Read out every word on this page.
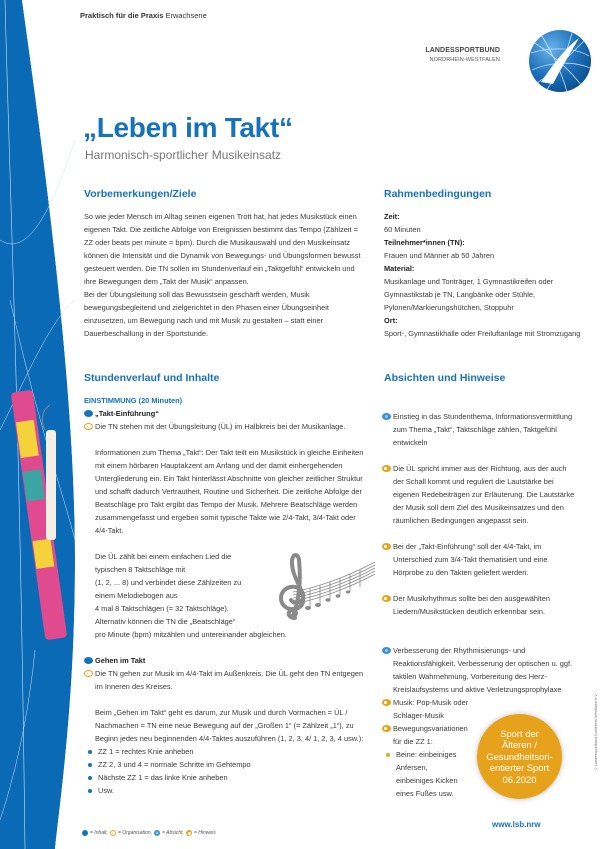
Praktisch für die Praxis Erwachsene
LANDESSPORTBUND
NORDRHEIN-WESTFALEN
„Leben im Takt“
Harmonisch-sportlicher Musikeinsatz
Vorbemerkungen/Ziele

So wie jeder Mensch im Alltag seinen eigenen Trott hat, hat jedes Musikstück einen eigenen Takt. Die zeitliche Abfolge von Ereignissen bestimmt das Tempo (Zählzeit = ZZ oder beats per minute = bpm). Durch die Musikauswahl und den Musikeinsatz können die Intensität und die Dynamik von Bewegungs- und Übungsformen bewusst gesteuert werden. Die TN sollen im Stundenverlauf ein „Taktgefühl“ entwickeln und ihre Bewegungen dem „Takt der Musik“ anpassen.

Bei der Übungsleitung soll das Bewusstsein geschärft werden, Musik bewegungsbegleitend und zielgerichtet in den Phasen einer Übungseinheit einzusetzen, um Bewegung nach und mit Musik zu gestalten – statt einer Dauerbeschallung in der Sportstunde.

Rahmenbedingungen
Zeit:
60 Minuten
Teilnehmer*innen (TN):
Frauen und Männer ab 50 Jahren
Material:
Musikanlage und Tonträger, 1 Gymnastikreifen oder Gymnastikstab je TN, Langbänke oder Stühle, Pylonen/Markierungshütchen, Stoppuhr
Ort:
Sport-, Gymnastikhalle oder Freiluftanlage mit Stromzugang
Stundenverlauf und Inhalte
EINSTIMMUNG (20 Minuten)
„Takt-Einführung“
Die TN stehen mit der Übungsleitung (ÜL) im Halbkreis bei der Musikanlage.
Informationen zum Thema „Takt“: Der Takt teilt ein Musikstück in gleiche Einheiten mit einem hörbaren Hauptakzent am Anfang und der damit einhergehenden Untergliederung ein. Ein Takt hinterlässt Abschnitte von gleicher zeitlicher Struktur und schafft dadurch Vertrautheit, Routine und Sicherheit. Die zeitliche Abfolge der Beatschläge pro Takt ergibt das Tempo der Musik. Mehrere Beatschläge werden zusammengefasst und ergeben somit typische Takte wie 2/4-Takt, 3/4-Takt oder 4/4-Takt.
Die ÜL zählt bei einem einfachen Lied die
typischen 8 Taktschläge mit
(1, 2, ... 8) und verbindet diese Zählzeiten zu
einem Melodiebogen aus
4 mal 8 Taktschlägen (= 32 Taktschläge).
Alternativ können die TN die „Beatschläge“
pro Minute (bpm) mitzählen und untereinander abgleichen.
Gehen im Takt
Die TN gehen zur Musik im 4/4-Takt im Außenkreis. Die ÜL geht den TN entgegen im Inneren des Kreises.
Beim „Gehen im Takt“ geht es darum, zur Musik und durch Vormachen = ÜL / Nachmachen = TN eine neue Bewegung auf der „Großen 1“ (= Zählzeit „1“), zu Beginn jedes neu beginnenden 4/4-Taktes auszuführen (1, 2, 3, 4/ 1, 2, 3, 4 usw.):
ZZ 1 = rechtes Knie anheben
ZZ 2, 3 und 4 = normale Schritte im Gehtempo
Nächste ZZ 1 = das linke Knie anheben
Usw.
Absichten und Hinweise
Einstieg in das Stundenthema, Informationsvermittlung zum Thema „Takt“, Taktschläge zählen, Taktgefühl entwickeln
Die ÜL spricht immer aus der Richtung, aus der auch der Schall kommt und reguliert die Lautstärke bei eigenen Redebeiträgen zur Erläuterung. Die Lautstärke der Musik soll dem Ziel des Musikeinsatzes und den räumlichen Bedingungen angepasst sein.
Bei der „Takt-Einführung“ soll der 4/4-Takt, im Unterschied zum 3/4-Takt thematisiert und eine Hörprobe zu den Takten geliefert werden.
Der Musikrhythmus sollte bei den ausgewählten Liedern/Musikstücken deutlich erkennbar sein.
Verbesserung der Rhythmisierungs- und Reaktionsfähigkeit, Verbesserung der optischen u. ggf. taktilen Wahrnehmung, Vorbereitung des Herz-Kreislaufsystems und aktive Verletzungsprophylaxe
Musik: Pop-Musik oder Schlager-Musik
Bewegungsvariationen für die ZZ 1:
Beine: einbeiniges Anfersen, einbeiniges Kicken eines Fußes usw.
Sport der
Älteren /
Gesundheitsori-
entierter Sport
06.2020
= Inhalt, = Organisation, = Absicht, = Hinweis
www.lsb.nrw
© Landessportbund Nordrhein-Westfalen e.V.
